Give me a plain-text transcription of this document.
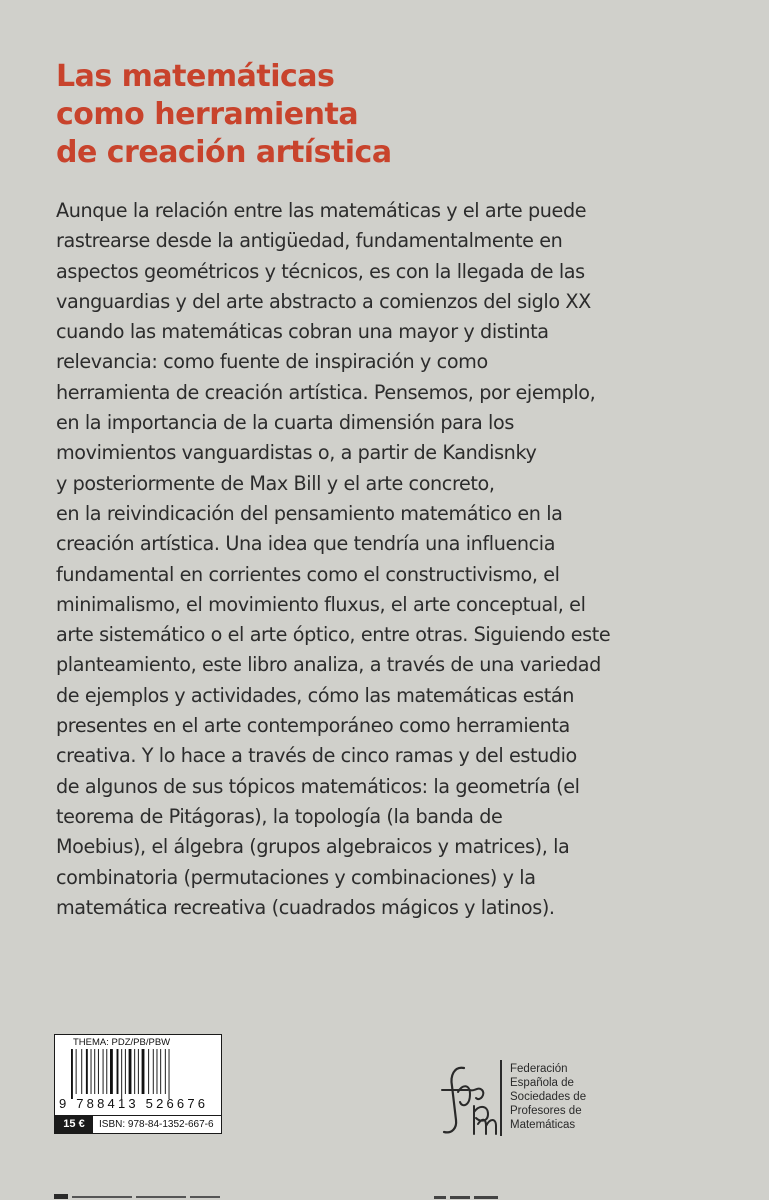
Las matemáticas
como herramienta
de creación artística
Aunque la relación entre las matemáticas y el arte puede
rastrearse desde la antigüedad, fundamentalmente en
aspectos geométricos y técnicos, es con la llegada de las
vanguardias y del arte abstracto a comienzos del siglo XX
cuando las matemáticas cobran una mayor y distinta
relevancia: como fuente de inspiración y como
herramienta de creación artística. Pensemos, por ejemplo,
en la importancia de la cuarta dimensión para los
movimientos vanguardistas o, a partir de Kandisnky
y posteriormente de Max Bill y el arte concreto,
en la reivindicación del pensamiento matemático en la
creación artística. Una idea que tendría una influencia
fundamental en corrientes como el constructivismo, el
minimalismo, el movimiento fluxus, el arte conceptual, el
arte sistemático o el arte óptico, entre otras. Siguiendo este
planteamiento, este libro analiza, a través de una variedad
de ejemplos y actividades, cómo las matemáticas están
presentes en el arte contemporáneo como herramienta
creativa. Y lo hace a través de cinco ramas y del estudio
de algunos de sus tópicos matemáticos: la geometría (el
teorema de Pitágoras), la topología (la banda de
Moebius), el álgebra (grupos algebraicos y matrices), la
combinatoria (permutaciones y combinaciones) y la
matemática recreativa (cuadrados mágicos y latinos).
THEMA: PDZ/PB/PBW
9 788413 526676
15 €	ISBN: 978-84-1352-667-6
Federación
Española de
Sociedades de
Profesores de
Matemáticas
